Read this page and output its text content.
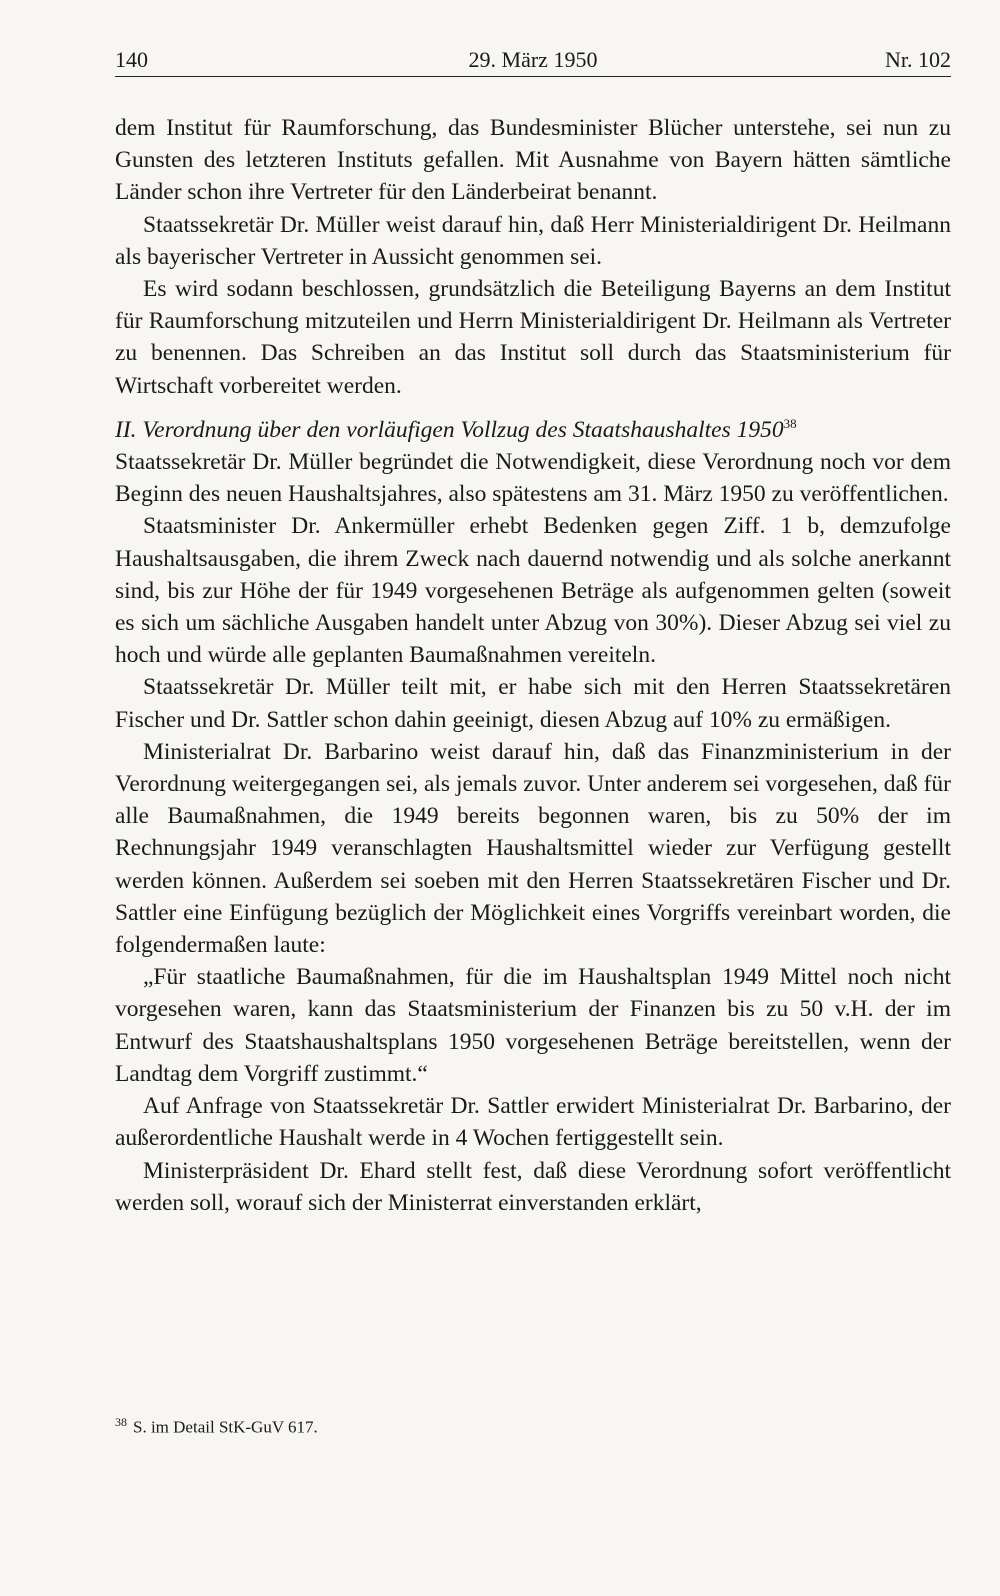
140	29. März 1950	Nr. 102

dem Institut für Raumforschung, das Bundesminister Blücher unterstehe, sei nun zu Gunsten des letzteren Instituts gefallen. Mit Ausnahme von Bayern hätten sämtliche Länder schon ihre Vertreter für den Länderbeirat benannt.

Staatssekretär Dr. Müller weist darauf hin, daß Herr Ministerialdirigent Dr. Heilmann als bayerischer Vertreter in Aussicht genommen sei.

Es wird sodann beschlossen, grundsätzlich die Beteiligung Bayerns an dem Institut für Raumforschung mitzuteilen und Herrn Ministerialdirigent Dr. Heilmann als Vertreter zu benennen. Das Schreiben an das Institut soll durch das Staatsministerium für Wirtschaft vorbereitet werden.

II. Verordnung über den vorläufigen Vollzug des Staatshaushaltes 1950$^{38}$

Staatssekretär Dr. Müller begründet die Notwendigkeit, diese Verordnung noch vor dem Beginn des neuen Haushaltsjahres, also spätestens am 31. März 1950 zu veröffentlichen.

Staatsminister Dr. Ankermüller erhebt Bedenken gegen Ziff. 1 b, demzufolge Haushaltsausgaben, die ihrem Zweck nach dauernd notwendig und als solche anerkannt sind, bis zur Höhe der für 1949 vorgesehenen Beträge als aufgenommen gelten (soweit es sich um sächliche Ausgaben handelt unter Abzug von 30%). Dieser Abzug sei viel zu hoch und würde alle geplanten Baumaßnahmen vereiteln.

Staatssekretär Dr. Müller teilt mit, er habe sich mit den Herren Staatssekretären Fischer und Dr. Sattler schon dahin geeinigt, diesen Abzug auf 10% zu ermäßigen.

Ministerialrat Dr. Barbarino weist darauf hin, daß das Finanzministerium in der Verordnung weitergegangen sei, als jemals zuvor. Unter anderem sei vorgesehen, daß für alle Baumaßnahmen, die 1949 bereits begonnen waren, bis zu 50% der im Rechnungsjahr 1949 veranschlagten Haushaltsmittel wieder zur Verfügung gestellt werden können. Außerdem sei soeben mit den Herren Staatssekretären Fischer und Dr. Sattler eine Einfügung bezüglich der Möglichkeit eines Vorgriffs vereinbart worden, die folgendermaßen laute:

„Für staatliche Baumaßnahmen, für die im Haushaltsplan 1949 Mittel noch nicht vorgesehen waren, kann das Staatsministerium der Finanzen bis zu 50 v.H. der im Entwurf des Staatshaushaltsplans 1950 vorgesehenen Beträge bereitstellen, wenn der Landtag dem Vorgriff zustimmt.“

Auf Anfrage von Staatssekretär Dr. Sattler erwidert Ministerialrat Dr. Barbarino, der außerordentliche Haushalt werde in 4 Wochen fertiggestellt sein.

Ministerpräsident Dr. Ehard stellt fest, daß diese Verordnung sofort veröffentlicht werden soll, worauf sich der Ministerrat einverstanden erklärt,

$^{38}$ S. im Detail StK-GuV 617.
